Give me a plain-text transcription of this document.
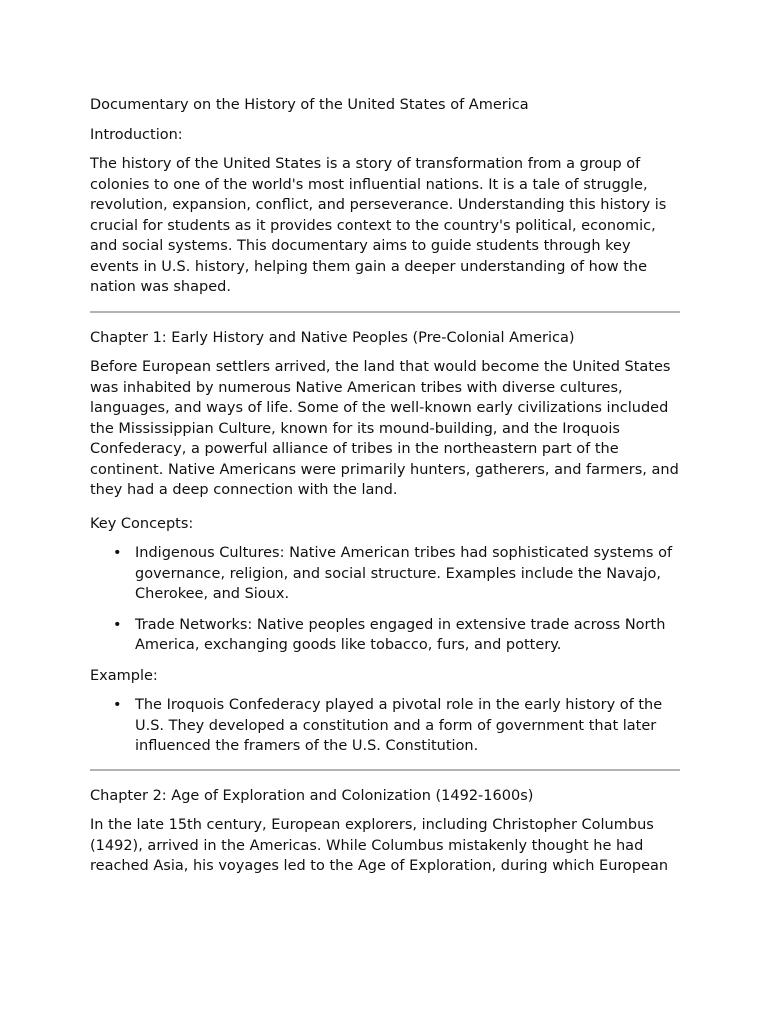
Documentary on the History of the United States of America

Introduction:

The history of the United States is a story of transformation from a group of colonies to one of the world's most influential nations. It is a tale of struggle, revolution, expansion, conflict, and perseverance. Understanding this history is crucial for students as it provides context to the country's political, economic, and social systems. This documentary aims to guide students through key events in U.S. history, helping them gain a deeper understanding of how the nation was shaped.

Chapter 1: Early History and Native Peoples (Pre-Colonial America)

Before European settlers arrived, the land that would become the United States was inhabited by numerous Native American tribes with diverse cultures, languages, and ways of life. Some of the well-known early civilizations included the Mississippian Culture, known for its mound-building, and the Iroquois Confederacy, a powerful alliance of tribes in the northeastern part of the continent. Native Americans were primarily hunters, gatherers, and farmers, and they had a deep connection with the land.

Key Concepts:

• Indigenous Cultures: Native American tribes had sophisticated systems of governance, religion, and social structure. Examples include the Navajo, Cherokee, and Sioux.
• Trade Networks: Native peoples engaged in extensive trade across North America, exchanging goods like tobacco, furs, and pottery.

Example:

• The Iroquois Confederacy played a pivotal role in the early history of the U.S. They developed a constitution and a form of government that later influenced the framers of the U.S. Constitution.

Chapter 2: Age of Exploration and Colonization (1492-1600s)

In the late 15th century, European explorers, including Christopher Columbus (1492), arrived in the Americas. While Columbus mistakenly thought he had reached Asia, his voyages led to the Age of Exploration, during which European
